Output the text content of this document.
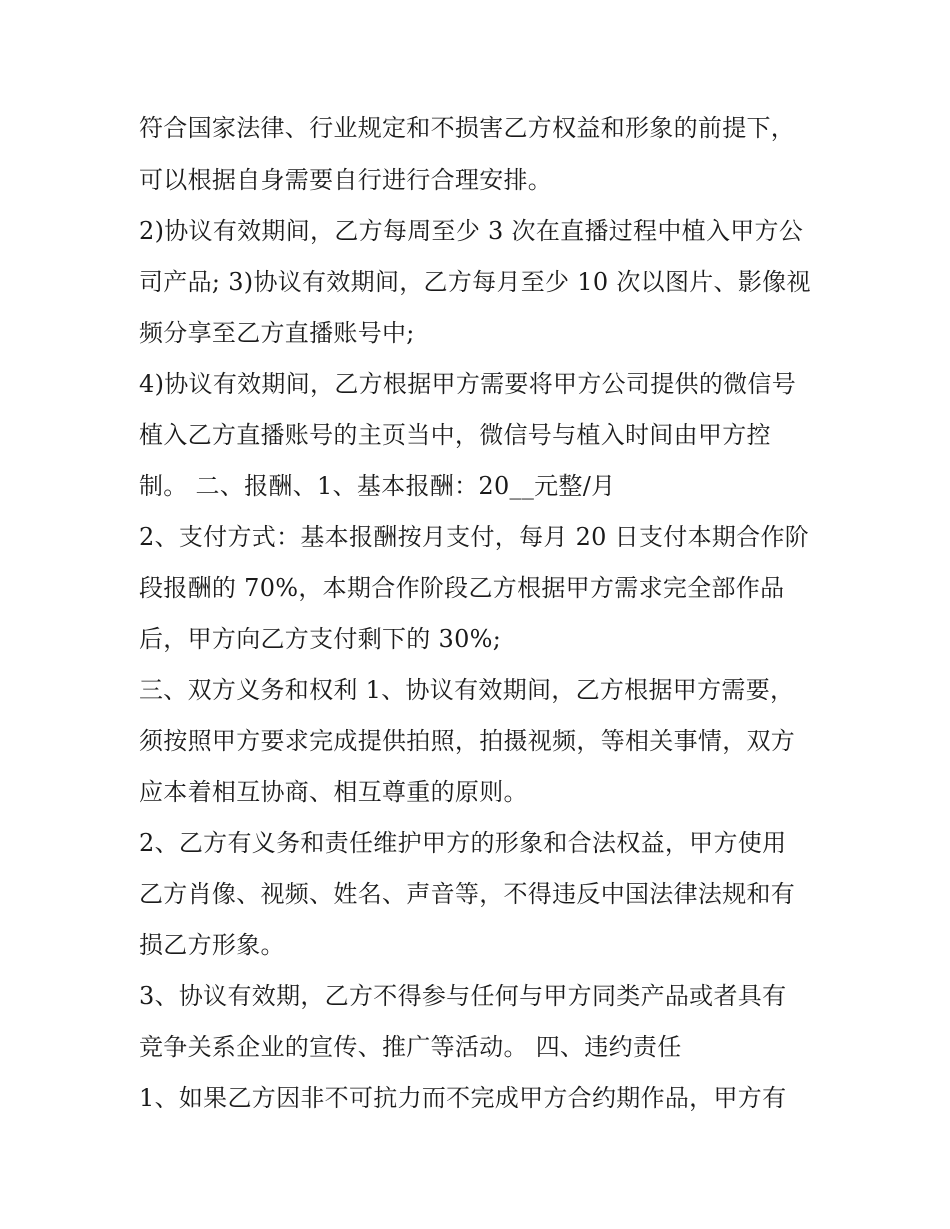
符合国家法律、行业规定和不损害乙方权益和形象的前提下，
可以根据自身需要自行进行合理安排。
2)协议有效期间，乙方每周至少 3 次在直播过程中植入甲方公
司产品; 3)协议有效期间，乙方每月至少 10 次以图片、影像视
频分享至乙方直播账号中;
4)协议有效期间，乙方根据甲方需要将甲方公司提供的微信号
植入乙方直播账号的主页当中，微信号与植入时间由甲方控
制。 二、报酬、1、基本报酬：20__元整/月
2、支付方式：基本报酬按月支付，每月 20 日支付本期合作阶
段报酬的 70%，本期合作阶段乙方根据甲方需求完全部作品
后，甲方向乙方支付剩下的 30%;
三、双方义务和权利 1、协议有效期间，乙方根据甲方需要，
须按照甲方要求完成提供拍照，拍摄视频，等相关事情，双方
应本着相互协商、相互尊重的原则。
2、乙方有义务和责任维护甲方的形象和合法权益，甲方使用
乙方肖像、视频、姓名、声音等，不得违反中国法律法规和有
损乙方形象。
3、协议有效期，乙方不得参与任何与甲方同类产品或者具有
竞争关系企业的宣传、推广等活动。 四、违约责任
1、如果乙方因非不可抗力而不完成甲方合约期作品，甲方有
